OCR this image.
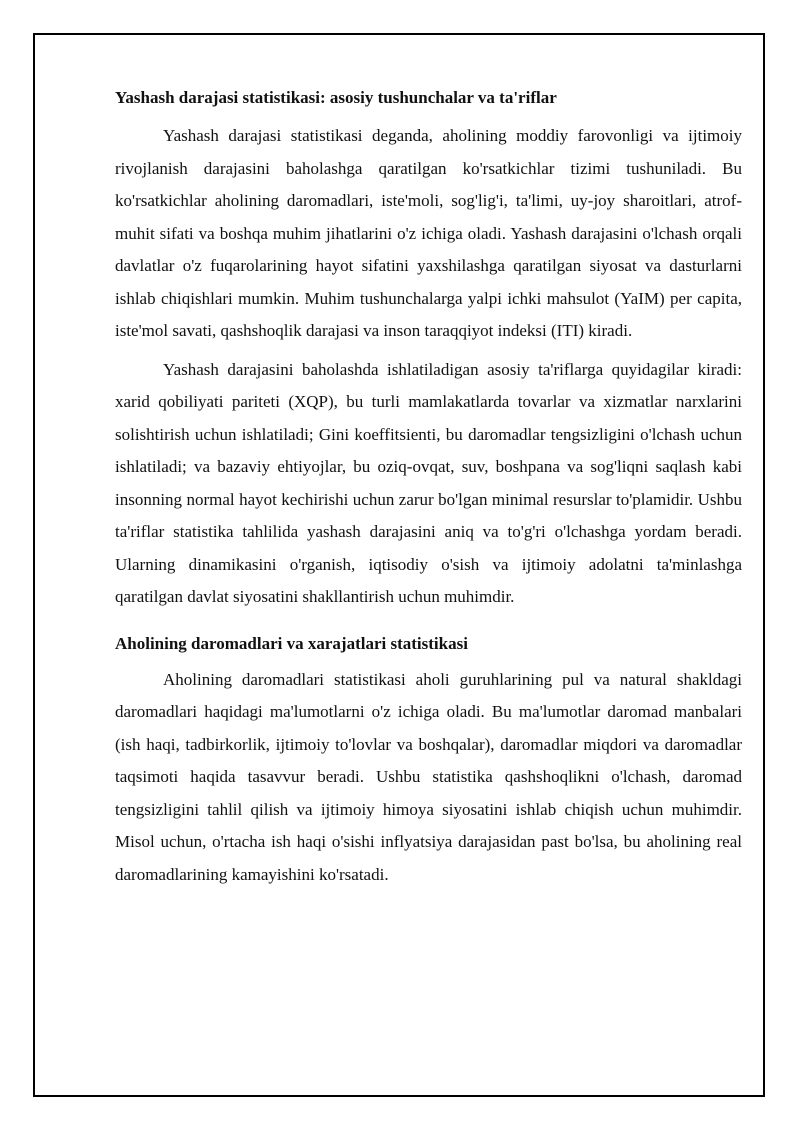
Yashash darajasi statistikasi: asosiy tushunchalar va ta'riflar

Yashash darajasi statistikasi deganda, aholining moddiy farovonligi va ijtimoiy rivojlanish darajasini baholashga qaratilgan ko'rsatkichlar tizimi tushuniladi. Bu ko'rsatkichlar aholining daromadlari, iste'moli, sog'lig'i, ta'limi, uy-joy sharoitlari, atrof-muhit sifati va boshqa muhim jihatlarini o'z ichiga oladi. Yashash darajasini o'lchash orqali davlatlar o'z fuqarolarining hayot sifatini yaxshilashga qaratilgan siyosat va dasturlarni ishlab chiqishlari mumkin. Muhim tushunchalarga yalpi ichki mahsulot (YaIM) per capita, iste'mol savati, qashshoqlik darajasi va inson taraqqiyot indeksi (ITI) kiradi.

Yashash darajasini baholashda ishlatiladigan asosiy ta'riflarga quyidagilar kiradi: xarid qobiliyati pariteti (XQP), bu turli mamlakatlarda tovarlar va xizmatlar narxlarini solishtirish uchun ishlatiladi; Gini koeffitsienti, bu daromadlar tengsizligini o'lchash uchun ishlatiladi; va bazaviy ehtiyojlar, bu oziq-ovqat, suv, boshpana va sog'liqni saqlash kabi insonning normal hayot kechirishi uchun zarur bo'lgan minimal resurslar to'plamidir. Ushbu ta'riflar statistika tahlilida yashash darajasini aniq va to'g'ri o'lchashga yordam beradi. Ularning dinamikasini o'rganish, iqtisodiy o'sish va ijtimoiy adolatni ta'minlashga qaratilgan davlat siyosatini shakllantirish uchun muhimdir.

Aholining daromadlari va xarajatlari statistikasi

Aholining daromadlari statistikasi aholi guruhlarining pul va natural shakldagi daromadlari haqidagi ma'lumotlarni o'z ichiga oladi. Bu ma'lumotlar daromad manbalari (ish haqi, tadbirkorlik, ijtimoiy to'lovlar va boshqalar), daromadlar miqdori va daromadlar taqsimoti haqida tasavvur beradi. Ushbu statistika qashshoqlikni o'lchash, daromad tengsizligini tahlil qilish va ijtimoiy himoya siyosatini ishlab chiqish uchun muhimdir. Misol uchun, o'rtacha ish haqi o'sishi inflyatsiya darajasidan past bo'lsa, bu aholining real daromadlarining kamayishini ko'rsatadi.
